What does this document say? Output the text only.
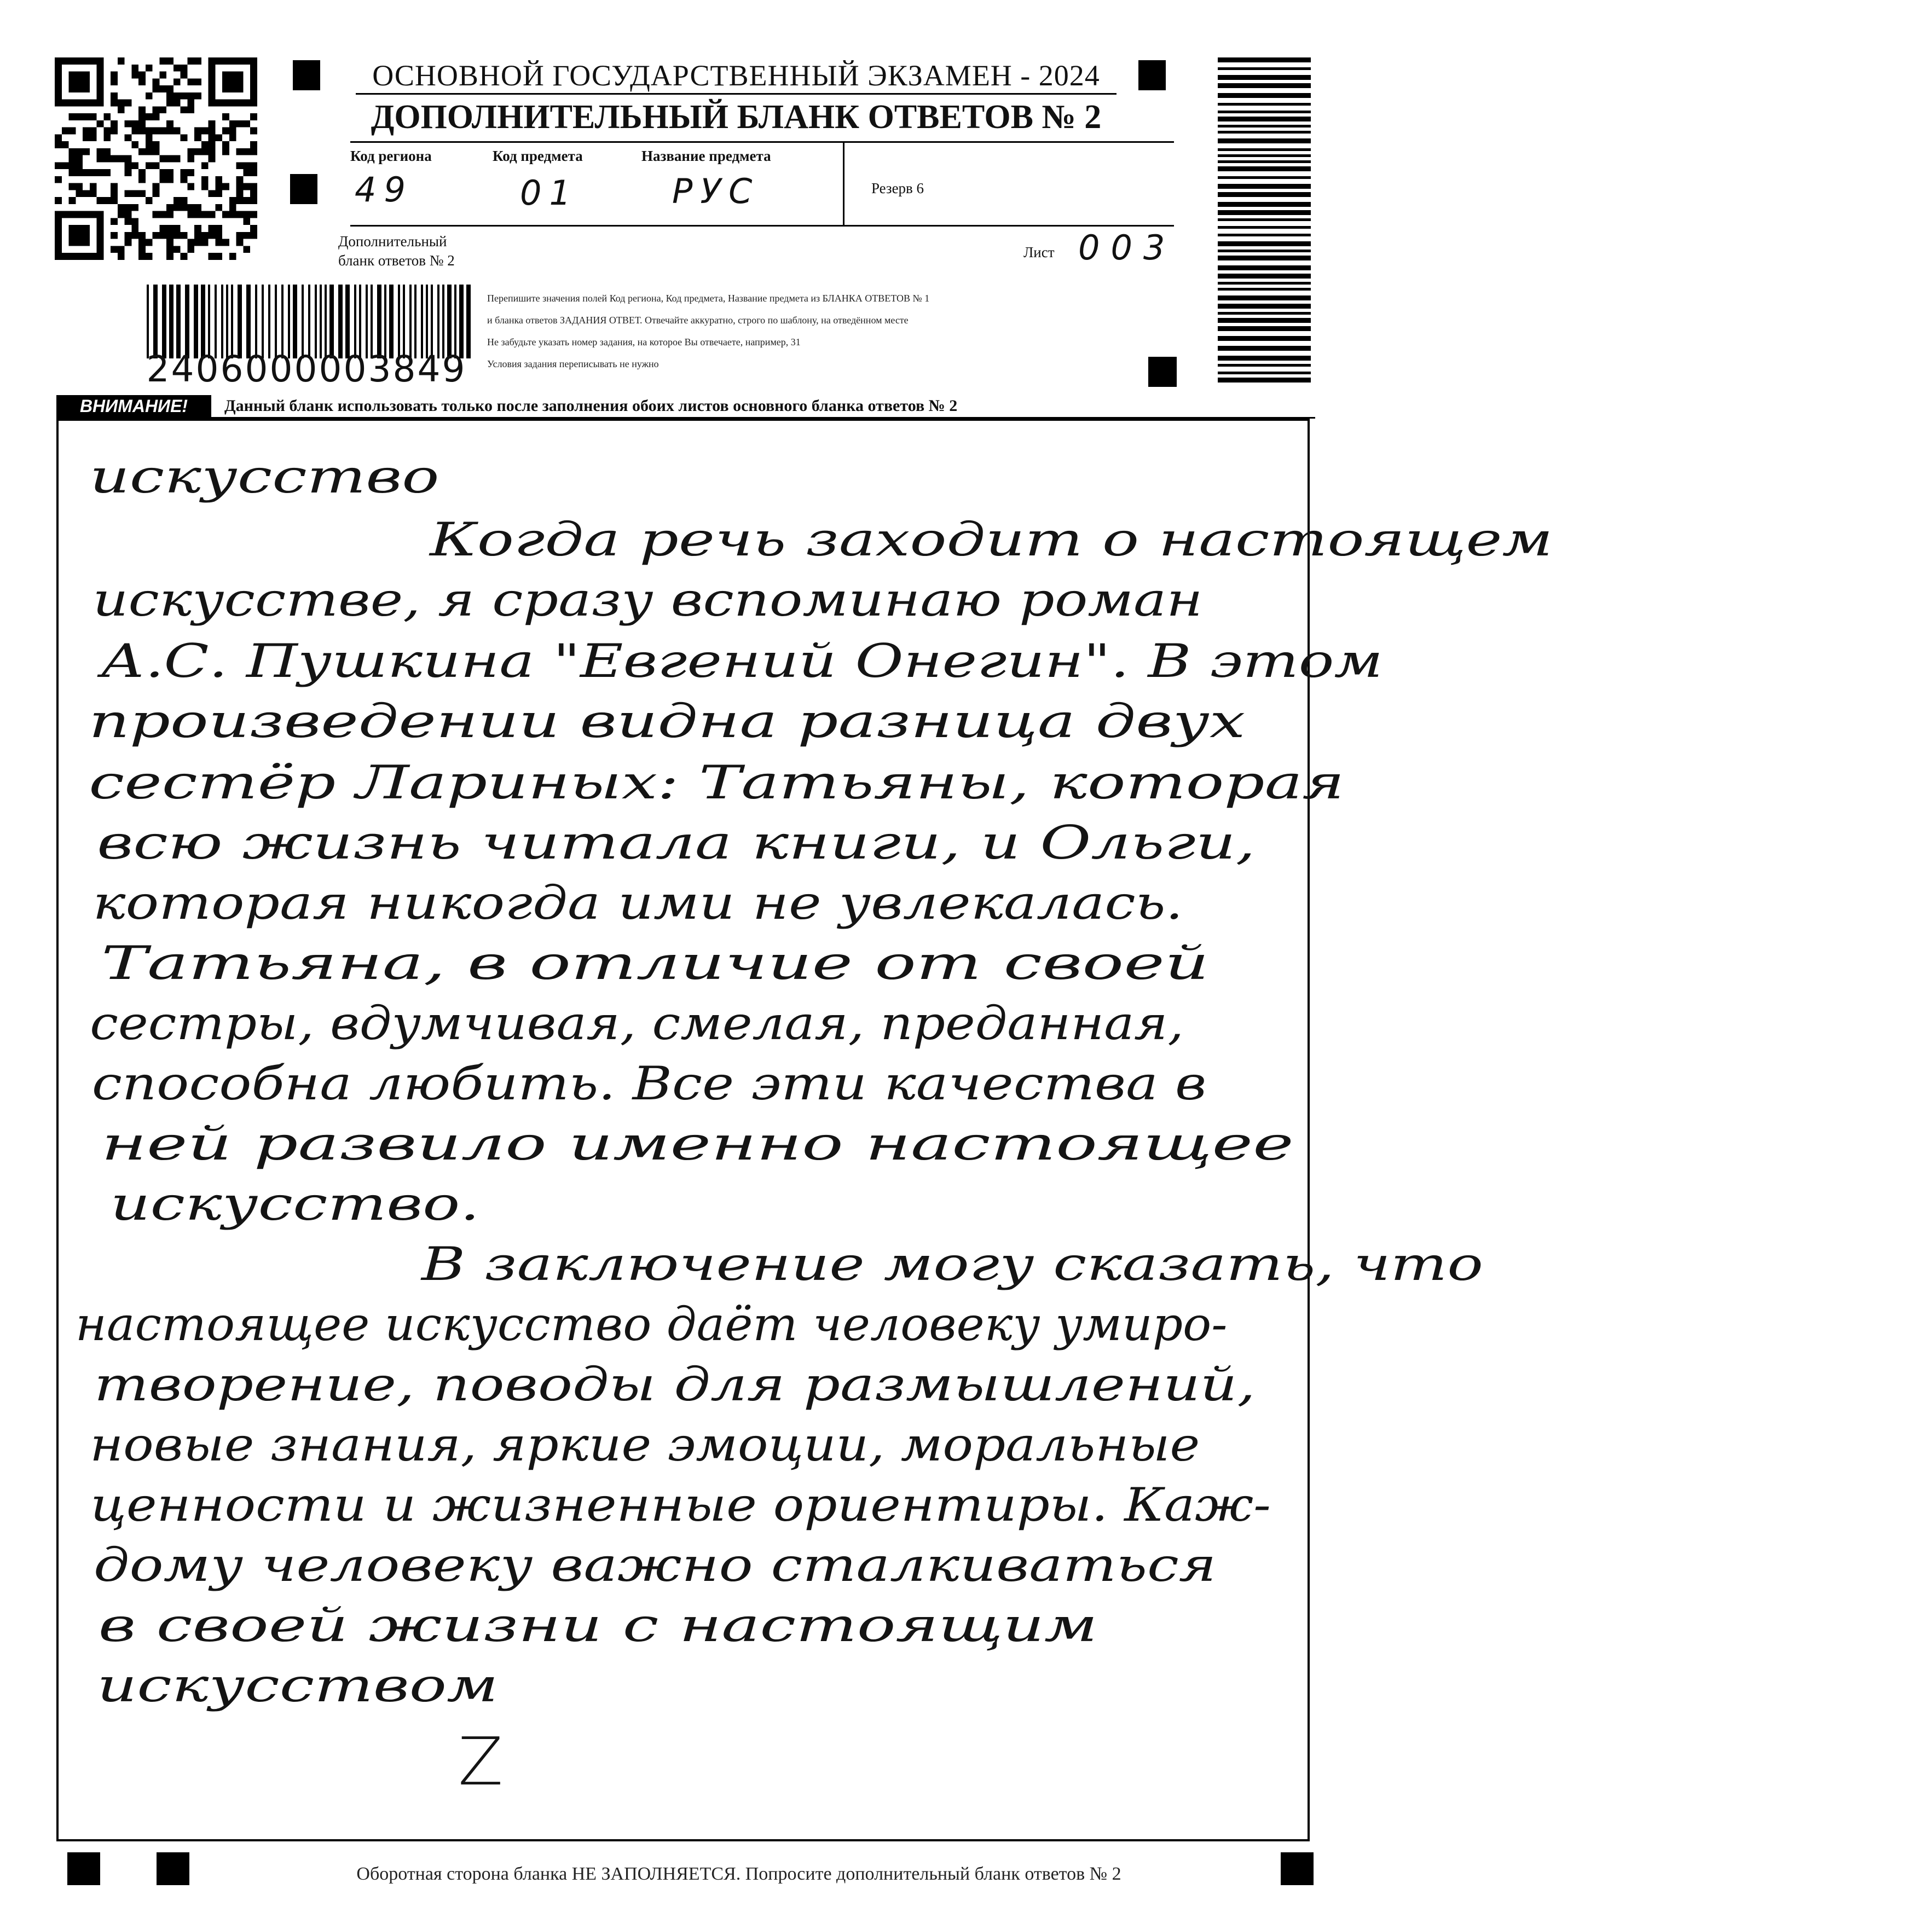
ОСНОВНОЙ ГОСУДАРСТВЕННЫЙ ЭКЗАМЕН - 2024
ДОПОЛНИТЕЛЬНЫЙ БЛАНК ОТВЕТОВ № 2
Код региона
49
Код предмета
01
Название предмета
РУС	Резерв 6
Дополнительный
бланк ответов № 2	Лист 003
Перепишите значения полей Код региона, Код предмета, Название предмета из БЛАНКА ОТВЕТОВ № 1
и бланка ответов ЗАДАНИЯ ОТВЕТ. Отвечайте аккуратно, строго по шаблону, на отведённом месте
Не забудьте указать номер задания, на которое Вы отвечаете, например, 31
Условия задания переписывать не нужно
2406000003849
ВНИМАНИЕ!	Данный бланк использовать только после заполнения обоих листов основного бланка ответов № 2
искусство
Когда речь заходит о настоящем
искусстве, я сразу вспоминаю роман
А.С. Пушкина "Евгений Онегин". В этом
произведении видна разница двух
сестёр Лариных: Татьяны, которая
всю жизнь читала книги, и Ольги,
которая никогда ими не увлекалась.
Татьяна, в отличие от своей
сестры, вдумчивая, смелая, преданная,
способна любить. Все эти качества в
ней развило именно настоящее
искусство.
В заключение могу сказать, что
настоящее искусство даёт человеку умиро-
творение, поводы для размышлений,
новые знания, яркие эмоции, моральные
ценности и жизненные ориентиры. Каж-
дому человеку важно сталкиваться
в своей жизни с настоящим
искусством
Z
Оборотная сторона бланка НЕ ЗАПОЛНЯЕТСЯ. Попросите дополнительный бланк ответов № 2
